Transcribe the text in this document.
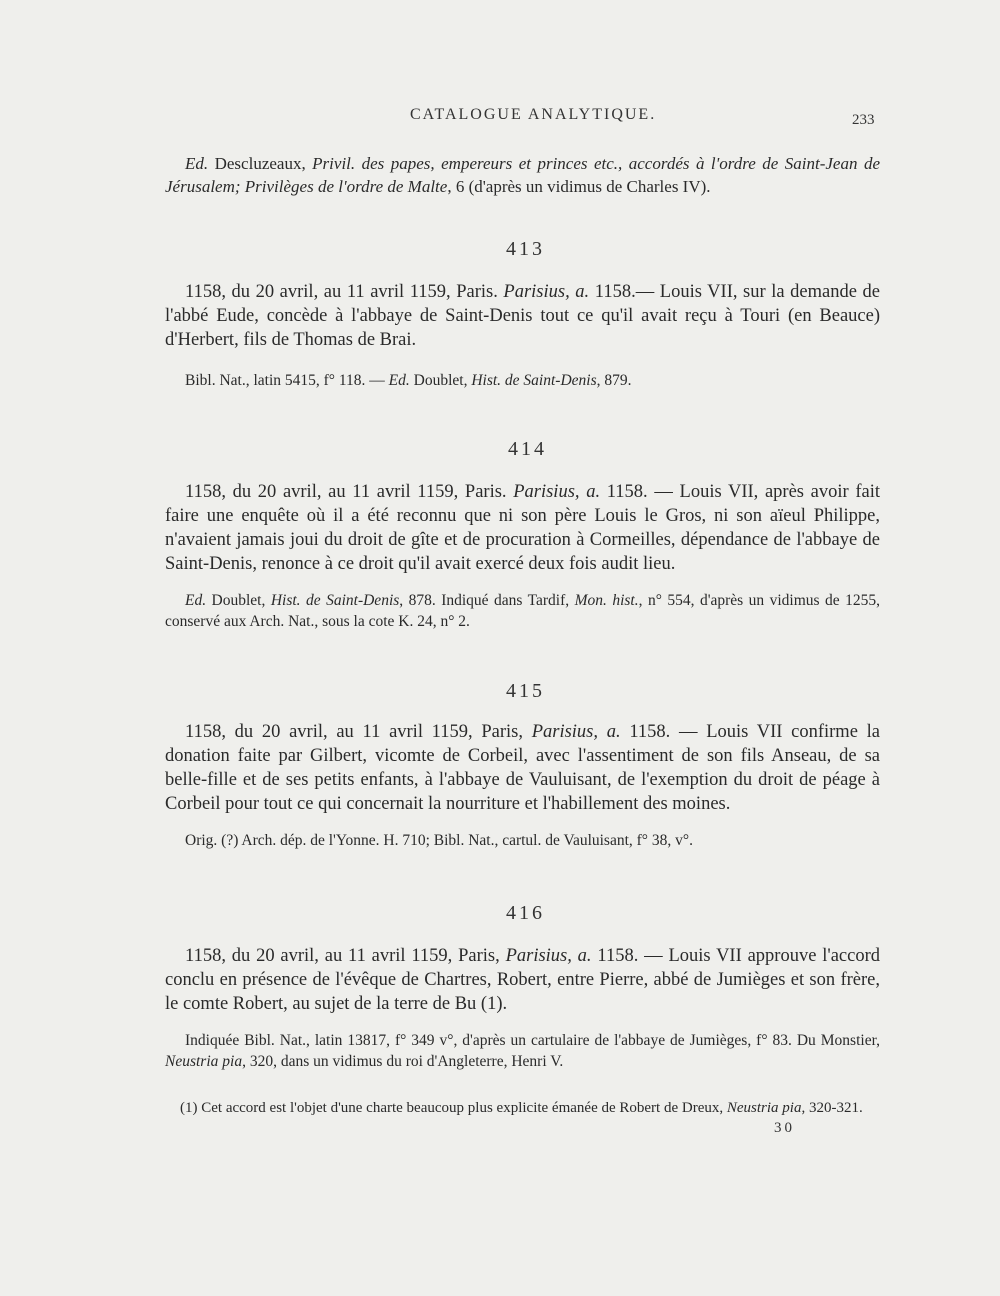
CATALOGUE ANALYTIQUE.	233

Ed. Descluzeaux, Privil. des papes, empereurs et princes etc., accordés à l'ordre de Saint-Jean de Jérusalem; Privilèges de l'ordre de Malte, 6 (d'après un vidimus de Charles IV).

413

1158, du 20 avril, au 11 avril 1159, Paris. Parisius, a. 1158.— Louis VII, sur la demande de l'abbé Eude, concède à l'abbaye de Saint-Denis tout ce qu'il avait reçu à Touri (en Beauce) d'Herbert, fils de Thomas de Brai.

Bibl. Nat., latin 5415, f° 118. — Ed. Doublet, Hist. de Saint-Denis, 879.

414

1158, du 20 avril, au 11 avril 1159, Paris. Parisius, a. 1158. — Louis VII, après avoir fait faire une enquête où il a été reconnu que ni son père Louis le Gros, ni son aïeul Philippe, n'avaient jamais joui du droit de gîte et de procuration à Cormeilles, dépendance de l'abbaye de Saint-Denis, renonce à ce droit qu'il avait exercé deux fois audit lieu.

Ed. Doublet, Hist. de Saint-Denis, 878. Indiqué dans Tardif, Mon. hist., n° 554, d'après un vidimus de 1255, conservé aux Arch. Nat., sous la cote K. 24, n° 2.

415

1158, du 20 avril, au 11 avril 1159, Paris, Parisius, a. 1158. — Louis VII confirme la donation faite par Gilbert, vicomte de Corbeil, avec l'assentiment de son fils Anseau, de sa belle-fille et de ses petits enfants, à l'abbaye de Vauluisant, de l'exemption du droit de péage à Corbeil pour tout ce qui concernait la nourriture et l'habillement des moines.

Orig. (?) Arch. dép. de l'Yonne. H. 710; Bibl. Nat., cartul. de Vauluisant, f° 38, v°.

416

1158, du 20 avril, au 11 avril 1159, Paris, Parisius, a. 1158. — Louis VII approuve l'accord conclu en présence de l'évêque de Chartres, Robert, entre Pierre, abbé de Jumièges et son frère, le comte Robert, au sujet de la terre de Bu (1).

Indiquée Bibl. Nat., latin 13817, f° 349 v°, d'après un cartulaire de l'abbaye de Jumièges, f° 83. Du Monstier, Neustria pia, 320, dans un vidimus du roi d'Angleterre, Henri V.

(1) Cet accord est l'objet d'une charte beaucoup plus explicite émanée de Robert de Dreux, Neustria pia, 320-321.
30
